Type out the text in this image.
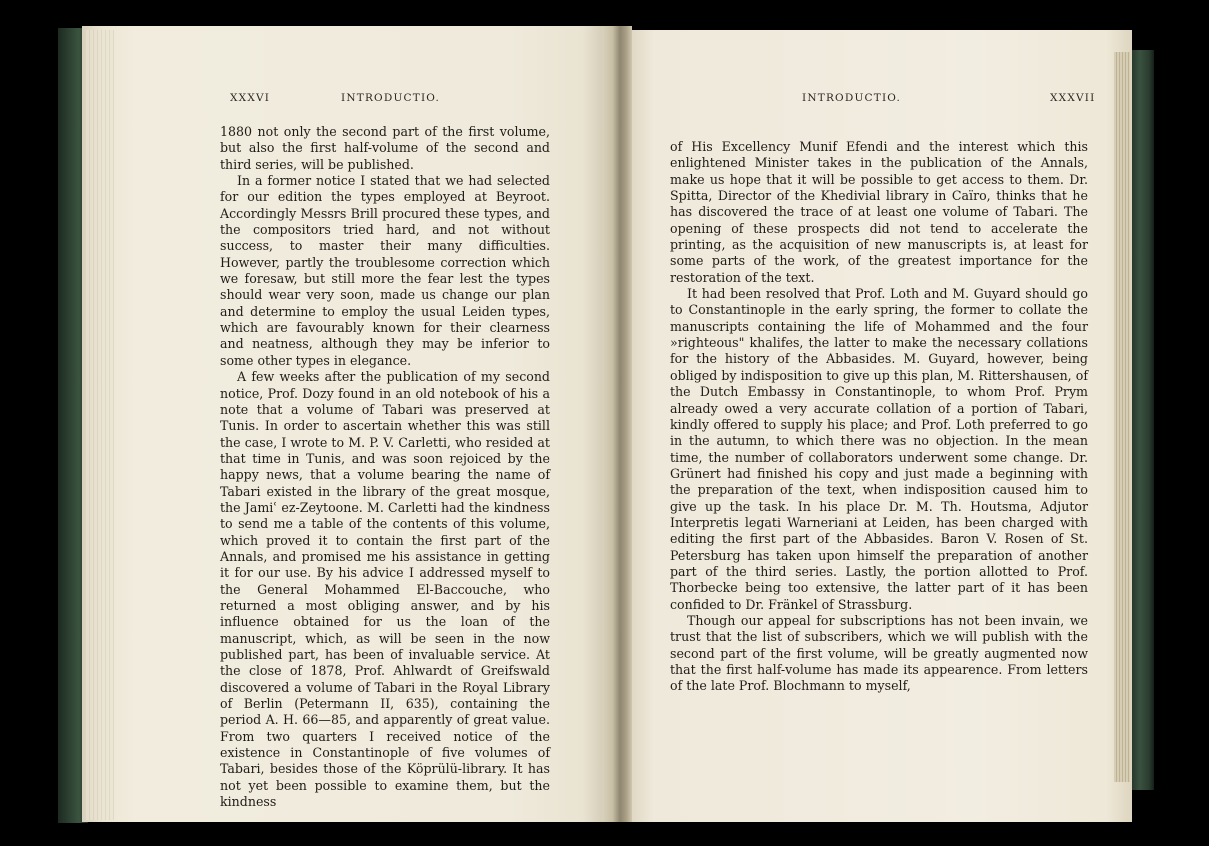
XXXVI	INTRODUCTIO.	INTRODUCTIO.	XXXVII

1880 not only the second part of the first volume, but also the first half-volume of the second and third series, will be published.

In a former notice I stated that we had selected for our edition the types employed at Beyroot. Accordingly Messrs Brill procured these types, and the compositors tried hard, and not without success, to master their many difficulties. However, partly the troublesome correction which we foresaw, but still more the fear lest the types should wear very soon, made us change our plan and determine to employ the usual Leiden types, which are favourably known for their clearness and neatness, although they may be inferior to some other types in elegance.

A few weeks after the publication of my second notice, Prof. Dozy found in an old notebook of his a note that a volume of Tabari was preserved at Tunis. In order to ascertain whether this was still the case, I wrote to M. P. V. Carletti, who resided at that time in Tunis, and was soon rejoiced by the happy news, that a volume bearing the name of Tabari existed in the library of the great mosque, the Jamiʿ ez-Zeytoone. M. Carletti had the kindness to send me a table of the contents of this volume, which proved it to contain the first part of the Annals, and promised me his assistance in getting it for our use. By his advice I addressed myself to the General Mohammed El-Baccouche, who returned a most obliging answer, and by his influence obtained for us the loan of the manuscript, which, as will be seen in the now published part, has been of invaluable service. At the close of 1878, Prof. Ahlwardt of Greifswald discovered a volume of Tabari in the Royal Library of Berlin (Petermann II, 635), containing the period A. H. 66—85, and apparently of great value. From two quarters I received notice of the existence in Constantinople of five volumes of Tabari, besides those of the Köprülü-library. It has not yet been possible to examine them, but the kindness

of His Excellency Munif Efendi and the interest which this enlightened Minister takes in the publication of the Annals, make us hope that it will be possible to get access to them. Dr. Spitta, Director of the Khedivial library in Caïro, thinks that he has discovered the trace of at least one volume of Tabari. The opening of these prospects did not tend to accelerate the printing, as the acquisition of new manuscripts is, at least for some parts of the work, of the greatest importance for the restoration of the text.

It had been resolved that Prof. Loth and M. Guyard should go to Constantinople in the early spring, the former to collate the manuscripts containing the life of Mohammed and the four »righteous" khalifes, the latter to make the necessary collations for the history of the Abbasides. M. Guyard, however, being obliged by indisposition to give up this plan, M. Rittershausen, of the Dutch Embassy in Constantinople, to whom Prof. Prym already owed a very accurate collation of a portion of Tabari, kindly offered to supply his place; and Prof. Loth preferred to go in the autumn, to which there was no objection. In the mean time, the number of collaborators underwent some change. Dr. Grünert had finished his copy and just made a beginning with the preparation of the text, when indisposition caused him to give up the task. In his place Dr. M. Th. Houtsma, Adjutor Interpretis legati Warneriani at Leiden, has been charged with editing the first part of the Abbasides. Baron V. Rosen of St. Petersburg has taken upon himself the preparation of another part of the third series. Lastly, the portion allotted to Prof. Thorbecke being too extensive, the latter part of it has been confided to Dr. Fränkel of Strassburg.

Though our appeal for subscriptions has not been invain, we trust that the list of subscribers, which we will publish with the second part of the first volume, will be greatly augmented now that the first half-volume has made its appearence. From letters of the late Prof. Blochmann to myself,
